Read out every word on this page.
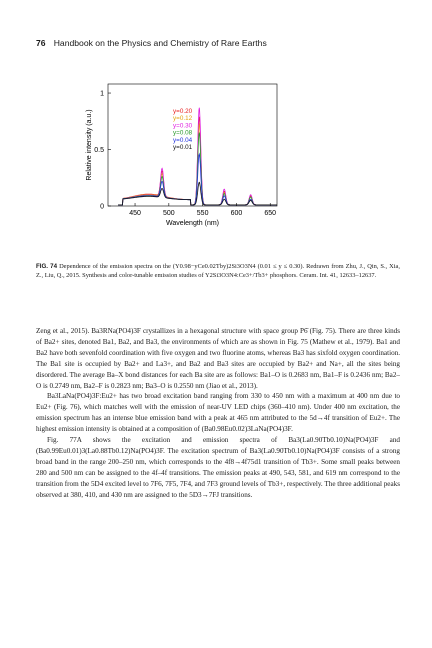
76 Handbook on the Physics and Chemistry of Rare Earths
y=0.20
y=0.12
y=0.30
y=0.08
y=0.04
y=0.01
450	500	550	600	650
0
0.5
1
Wavelength (nm)
Relative intensity (a.u.)
FIG. 74 Dependence of the emission spectra on the (Y0.98−yCe0.02Tby)2Si3O3N4 (0.01 ≤ y ≤ 0.30). Redrawn from Zhu, J., Qin, S., Xia, Z., Liu, Q., 2015. Synthesis and color-tunable emission studies of Y2Si3O3N4:Ce3+/Tb3+ phosphors. Ceram. Int. 41, 12633–12637.

Zeng et al., 2015). Ba3RNa(PO4)3F crystallizes in a hexagonal structure with space group P6̄ (Fig. 75). There are three kinds of Ba2+ sites, denoted Ba1, Ba2, and Ba3, the environments of which are as shown in Fig. 75 (Mathew et al., 1979). Ba1 and Ba2 have both sevenfold coordination with five oxygen and two fluorine atoms, whereas Ba3 has sixfold oxygen coordination. The Ba1 site is occupied by Ba2+ and La3+, and Ba2 and Ba3 sites are occupied by Ba2+ and Na+, all the sites being disordered. The average Ba–X bond distances for each Ba site are as follows: Ba1–O is 0.2683 nm, Ba1–F is 0.2436 nm; Ba2–O is 0.2749 nm, Ba2–F is 0.2823 nm; Ba3–O is 0.2550 nm (Jiao et al., 2013).

Ba3LaNa(PO4)3F:Eu2+ has two broad excitation band ranging from 330 to 450 nm with a maximum at 400 nm due to Eu2+ (Fig. 76), which matches well with the emission of near-UV LED chips (360–410 nm). Under 400 nm excitation, the emission spectrum has an intense blue emission band with a peak at 465 nm attributed to the 5d→4f transition of Eu2+. The highest emission intensity is obtained at a composition of (Ba0.98Eu0.02)3LaNa(PO4)3F.

Fig. 77A shows the excitation and emission spectra of Ba3(La0.90Tb0.10)Na(PO4)3F and (Ba0.99Eu0.01)3(La0.88Tb0.12)Na(PO4)3F. The excitation spectrum of Ba3(La0.90Tb0.10)Na(PO4)3F consists of a strong broad band in the range 200–250 nm, which corresponds to the 4f8→4f75d1 transition of Tb3+. Some small peaks between 280 and 500 nm can be assigned to the 4f–4f transitions. The emission peaks at 490, 543, 581, and 619 nm correspond to the transition from the 5D4 excited level to 7F6, 7F5, 7F4, and 7F3 ground levels of Tb3+, respectively. The three additional peaks observed at 380, 410, and 430 nm are assigned to the 5D3→7FJ transitions.
